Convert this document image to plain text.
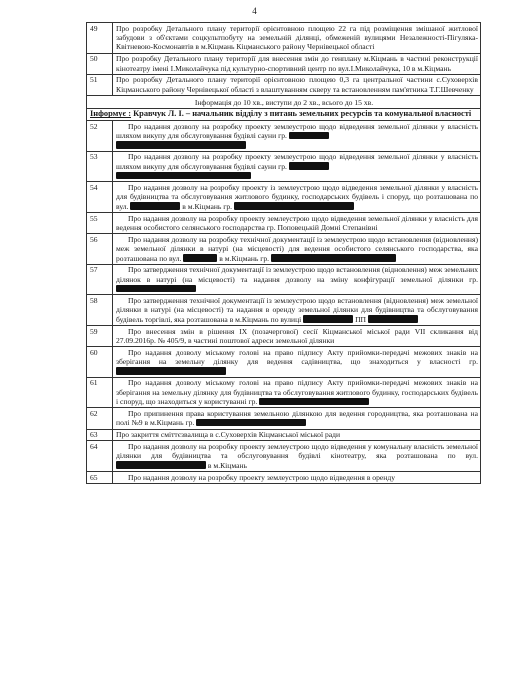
4
49	Про розробку Детального плану території орієнтовною площею 22 га під розміщення змішаної житлової забудови з об'єктами соцкультпобуту на земельній ділянці, обмеженій вулицями Незалежності-Пігуляка-Квітневою-Космонавтів в м.Кіцмань Кіцманського району Чернівецької області
50	Про розробку Детального плану території для внесення змін до генплану м.Кіцмань в частині реконструкції кінотеатру імені І.Миколайчука під культурно-спортивний центр по вул.І.Миколайчука, 10 в м.Кіцмань
51	Про розробку Детального плану території орієнтовною площею 0,3 га центральної частини с.Суховерхів Кіцманського району Чернівецької області з влаштуванням скверу та встановленням пам'ятника Т.Г.Шевченку

Інформація до 10 хв., виступи до 2 хв., всього до 15 хв.	

Інформує : Кравчук Л. І. – начальник відділу з питань земельних ресурсів та комунальної власності	
52	Про надання дозволу на розробку проекту землеустрою щодо відведення земельної ділянки у власність шляхом викупу для обслуговування будівлі сауни гр.

53	Про надання дозволу на розробку проекту землеустрою щодо відведення земельної ділянки у власність шляхом викупу для обслуговування будівлі сауни гр.

54	Про надання дозволу на розробку проекту із землеустрою щодо відведення земельної ділянки у власність для будівництва та обслуговування житлового будинку, господарських будівель і споруд, що розташована по вул. в м.Кіцмань гр.
55	Про надання дозволу на розробку проекту землеустрою щодо відведення земельної ділянки у власність для ведення особистого селянського господарства гр. Поповецькій Домні Степанівні
56	Про надання дозволу на розробку технічної документації із землеустрою щодо встановлення (відновлення) меж земельної ділянки в натурі (на місцевості) для ведення особистого селянського господарства, яка розташована по вул. в м.Кіцмань гр.
57	Про затвердження технічної документації із землеустрою щодо встановлення (відновлення) меж земельних ділянок в натурі (на місцевості) та надання дозволу на зміну конфігурації земельної ділянки гр.
58	Про затвердження технічної документації із землеустрою щодо встановлення (відновлення) меж земельної ділянки в натурі (на місцевості) та надання в оренду земельної ділянки для будівництва та обслуговування будівель торгівлі, яка розташована в м.Кіцмань по вулиці ПП
59	Про внесення змін в рішення IX (позачергової) сесії Кіцманської міської ради VII скликання від 27.09.2016р. № 405/9, в частині поштової адреси земельної ділянки
60	Про надання дозволу міському голові на право підпису Акту прийомки-передачі межових знаків на зберігання на земельну ділянку для ведення садівництва, що знаходиться у власності гр.
61	Про надання дозволу міському голові на право підпису Акту прийомки-передачі межових знаків на зберігання на земельну ділянку для будівництва та обслуговування житлового будинку, господарських будівель і споруд, що знаходиться у користуванні гр.
62	Про припинення права користування земельною ділянкою для ведення городництва, яка розташована на полі №9 в м.Кіцмань гр.
63	Про закриття сміттєзвалища в с.Суховерхів Кіцманської міської ради
64	Про надання дозволу на розробку проекту землеустрою щодо відведення у комунальну власність земельної ділянки для будівництва та обслуговування будівлі кінотеатру, яка розташована по вул.  в м.Кіцмань
65	Про надання дозволу на розробку проекту землеустрою щодо відведення в оренду
